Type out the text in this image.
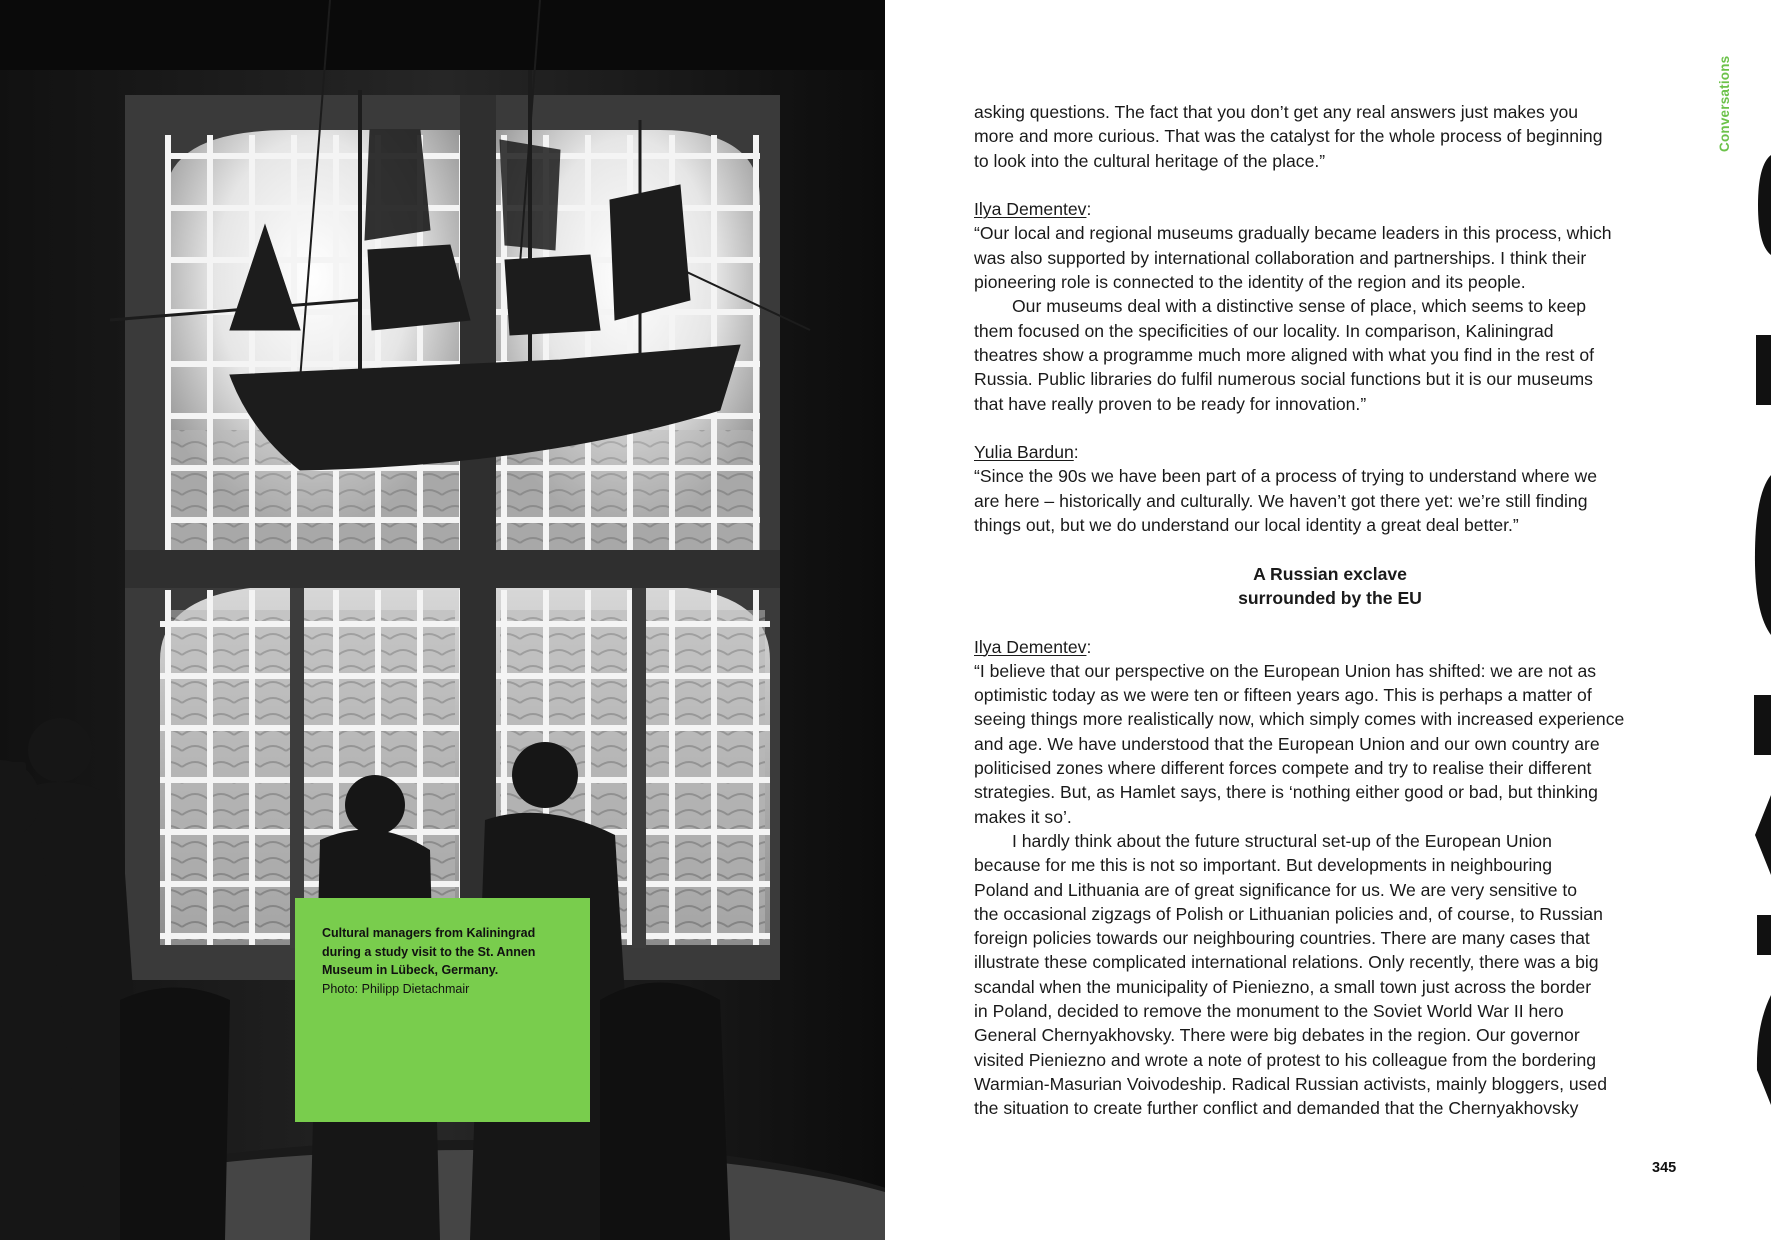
Cultural managers from Kaliningrad
during a study visit to the St. Annen
Museum in Lübeck, Germany.
Photo: Philipp Dietachmair

asking questions. The fact that you don’t get any real answers just makes you
more and more curious. That was the catalyst for the whole process of beginning
to look into the cultural heritage of the place.”

Ilya Dementev:

“Our local and regional museums gradually became leaders in this process, which
was also supported by international collaboration and partnerships. I think their
pioneering role is connected to the identity of the region and its people.

Our museums deal with a distinctive sense of place, which seems to keep
them focused on the specificities of our locality. In comparison, Kaliningrad
theatres show a programme much more aligned with what you find in the rest of
Russia. Public libraries do fulfil numerous social functions but it is our museums
that have really proven to be ready for innovation.”

Yulia Bardun:

“Since the 90s we have been part of a process of trying to understand where we
are here – historically and culturally. We haven’t got there yet: we’re still finding
things out, but we do understand our local identity a great deal better.”

A Russian exclave
surrounded by the EU

Ilya Dementev:

“I believe that our perspective on the European Union has shifted: we are not as
optimistic today as we were ten or fifteen years ago. This is perhaps a matter of
seeing things more realistically now, which simply comes with increased experience
and age. We have understood that the European Union and our own country are
politicised zones where different forces compete and try to realise their different
strategies. But, as Hamlet says, there is ‘nothing either good or bad, but thinking
makes it so’.

I hardly think about the future structural set-up of the European Union
because for me this is not so important. But developments in neighbouring
Poland and Lithuania are of great significance for us. We are very sensitive to
the occasional zigzags of Polish or Lithuanian policies and, of course, to Russian
foreign policies towards our neighbouring countries. There are many cases that
illustrate these complicated international relations. Only recently, there was a big
scandal when the municipality of Pieniezno, a small town just across the border
in Poland, decided to remove the monument to the Soviet World War II hero
General Chernyakhovsky. There were big debates in the region. Our governor
visited Pieniezno and wrote a note of protest to his colleague from the bordering
Warmian-Masurian Voivodeship. Radical Russian activists, mainly bloggers, used
the situation to create further conflict and demanded that the Chernyakhovsky

Conversations
345
